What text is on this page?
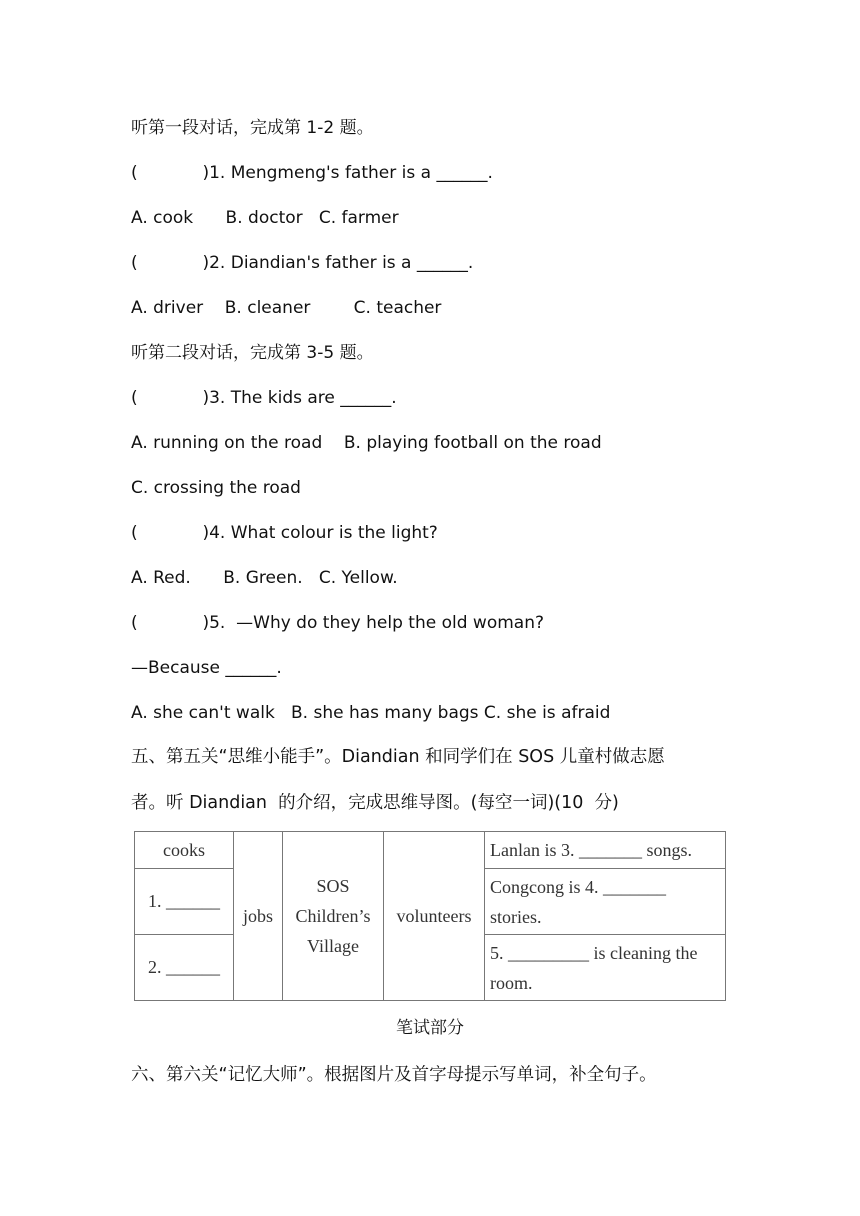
听第一段对话，完成第 1-2 题。
(            )1. Mengmeng's father is a ______.
A. cook      B. doctor   C. farmer
(            )2. Diandian's father is a ______.
A. driver    B. cleaner        C. teacher
听第二段对话，完成第 3-5 题。
(            )3. The kids are ______.
A. running on the road    B. playing football on the road
C. crossing the road
(            )4. What colour is the light?
A. Red.      B. Green.   C. Yellow.
(            )5.  —Why do they help the old woman?
—Because ______.
A. she can't walk   B. she has many bags C. she is afraid
五、第五关“思维小能手”。Diandian 和同学们在 SOS 儿童村做志愿
者。听 Diandian  的介绍，完成思维导图。(每空一词)(10  分)
cooks	jobs	SOS Children’s Village	volunteers	Lanlan is 3. _______ songs.
1. ______				Congcong is 4. _______ stories.
2. ______				5. _________ is cleaning the room.
笔试部分
六、第六关“记忆大师”。根据图片及首字母提示写单词，补全句子。
